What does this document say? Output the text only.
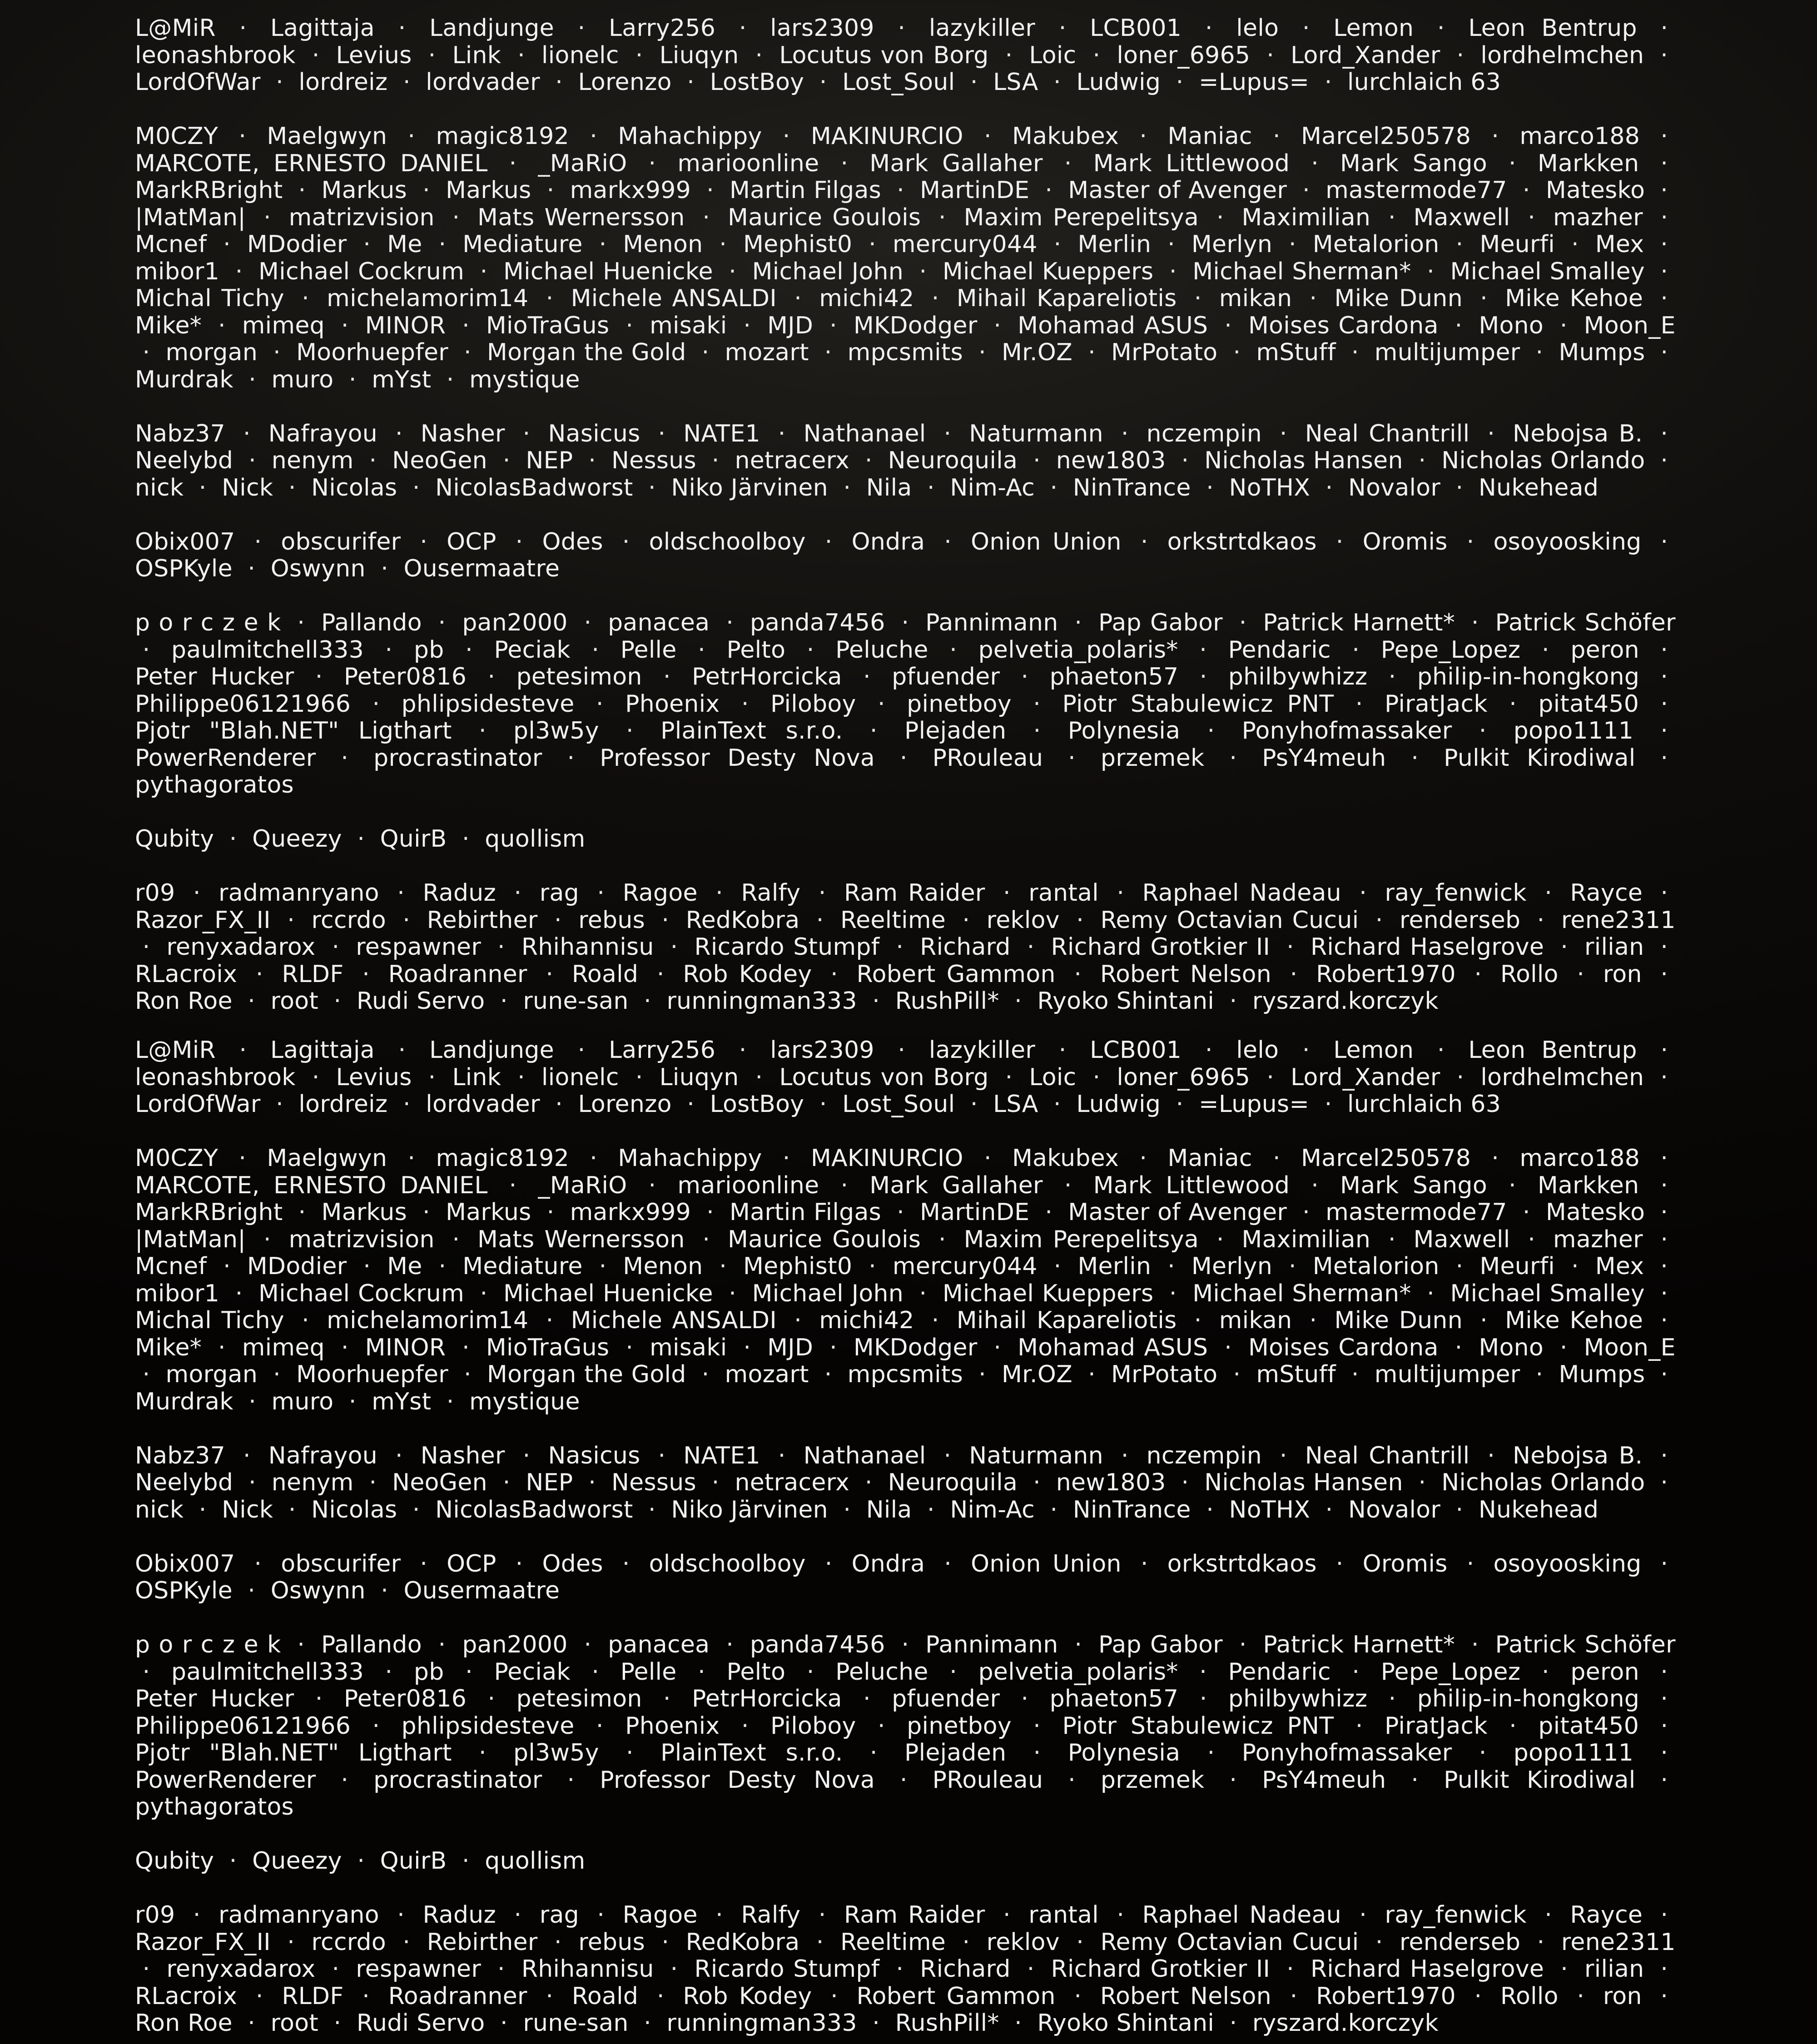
L@MiR · Lagittaja · Landjunge · Larry256 · lars2309 · lazykiller · LCB001 · lelo · Lemon · Leon Bentrup · leonashbrook · Levius · Link · lionelc · Liuqyn · Locutus von Borg · Loic · loner_6965 · Lord_Xander · lordhelmchen · LordOfWar · lordreiz · lordvader · Lorenzo · LostBoy · Lost_Soul · LSA · Ludwig · =Lupus= · lurchlaich 63

M0CZY · Maelgwyn · magic8192 · Mahachippy · MAKINURCIO · Makubex · Maniac · Marcel250578 · marco188 · MARCOTE, ERNESTO DANIEL · _MaRiO · marioonline · Mark Gallaher · Mark Littlewood · Mark Sango · Markken · MarkRBright · Markus · Markus · markx999 · Martin Filgas · MartinDE · Master of Avenger · mastermode77 · Matesko · |MatMan| · matrizvision · Mats Wernersson · Maurice Goulois · Maxim Perepelitsya · Maximilian · Maxwell · mazher · Mcnef · MDodier · Me · Mediature · Menon · Mephist0 · mercury044 · Merlin · Merlyn · Metalorion · Meurfi · Mex · mibor1 · Michael Cockrum · Michael Huenicke · Michael John · Michael Kueppers · Michael Sherman* · Michael Smalley · Michal Tichy · michelamorim14 · Michele ANSALDI · michi42 · Mihail Kapareliotis · mikan · Mike Dunn · Mike Kehoe · Mike* · mimeq · MINOR · MioTraGus · misaki · MJD · MKDodger · Mohamad ASUS · Moises Cardona · Mono · Moon_E · morgan · Moorhuepfer · Morgan the Gold · mozart · mpcsmits · Mr.OZ · MrPotato · mStuff · multijumper · Mumps · Murdrak · muro · mYst · mystique

Nabz37 · Nafrayou · Nasher · Nasicus · NATE1 · Nathanael · Naturmann · nczempin · Neal Chantrill · Nebojsa B. · Neelybd · nenym · NeoGen · NEP · Nessus · netracerx · Neuroquila · new1803 · Nicholas Hansen · Nicholas Orlando · nick · Nick · Nicolas · NicolasBadworst · Niko Järvinen · Nila · Nim-Ac · NinTrance · NoTHX · Novalor · Nukehead

Obix007 · obscurifer · OCP · Odes · oldschoolboy · Ondra · Onion Union · orkstrtdkaos · Oromis · osoyoosking · OSPKyle · Oswynn · Ousermaatre

p o r c z e k · Pallando · pan2000 · panacea · panda7456 · Pannimann · Pap Gabor · Patrick Harnett* · Patrick Schöfer · paulmitchell333 · pb · Peciak · Pelle · Pelto · Peluche · pelvetia_polaris* · Pendaric · Pepe_Lopez · peron · Peter Hucker · Peter0816 · petesimon · PetrHorcicka · pfuender · phaeton57 · philbywhizz · philip-in-hongkong · Philippe06121966 · phlipsidesteve · Phoenix · Piloboy · pinetboy · Piotr Stabulewicz PNT · PiratJack · pitat450 · Pjotr "Blah.NET" Ligthart · pl3w5y · PlainText s.r.o. · Plejaden · Polynesia · Ponyhofmassaker · popo1111 · PowerRenderer · procrastinator · Professor Desty Nova · PRouleau · przemek · PsY4meuh · Pulkit Kirodiwal · pythagoratos

Qubity · Queezy · QuirB · quollism

r09 · radmanryano · Raduz · rag · Ragoe · Ralfy · Ram Raider · rantal · Raphael Nadeau · ray_fenwick · Rayce · Razor_FX_II · rccrdo · Rebirther · rebus · RedKobra · Reeltime · reklov · Remy Octavian Cucui · renderseb · rene2311 · renyxadarox · respawner · Rhihannisu · Ricardo Stumpf · Richard · Richard Grotkier II · Richard Haselgrove · rilian · RLacroix · RLDF · Roadranner · Roald · Rob Kodey · Robert Gammon · Robert Nelson · Robert1970 · Rollo · ron · Ron Roe · root · Rudi Servo · rune-san · runningman333 · RushPill* · Ryoko Shintani · ryszard.korczyk

L@MiR · Lagittaja · Landjunge · Larry256 · lars2309 · lazykiller · LCB001 · lelo · Lemon · Leon Bentrup · leonashbrook · Levius · Link · lionelc · Liuqyn · Locutus von Borg · Loic · loner_6965 · Lord_Xander · lordhelmchen · LordOfWar · lordreiz · lordvader · Lorenzo · LostBoy · Lost_Soul · LSA · Ludwig · =Lupus= · lurchlaich 63

M0CZY · Maelgwyn · magic8192 · Mahachippy · MAKINURCIO · Makubex · Maniac · Marcel250578 · marco188 · MARCOTE, ERNESTO DANIEL · _MaRiO · marioonline · Mark Gallaher · Mark Littlewood · Mark Sango · Markken · MarkRBright · Markus · Markus · markx999 · Martin Filgas · MartinDE · Master of Avenger · mastermode77 · Matesko · |MatMan| · matrizvision · Mats Wernersson · Maurice Goulois · Maxim Perepelitsya · Maximilian · Maxwell · mazher · Mcnef · MDodier · Me · Mediature · Menon · Mephist0 · mercury044 · Merlin · Merlyn · Metalorion · Meurfi · Mex · mibor1 · Michael Cockrum · Michael Huenicke · Michael John · Michael Kueppers · Michael Sherman* · Michael Smalley · Michal Tichy · michelamorim14 · Michele ANSALDI · michi42 · Mihail Kapareliotis · mikan · Mike Dunn · Mike Kehoe · Mike* · mimeq · MINOR · MioTraGus · misaki · MJD · MKDodger · Mohamad ASUS · Moises Cardona · Mono · Moon_E · morgan · Moorhuepfer · Morgan the Gold · mozart · mpcsmits · Mr.OZ · MrPotato · mStuff · multijumper · Mumps · Murdrak · muro · mYst · mystique

Nabz37 · Nafrayou · Nasher · Nasicus · NATE1 · Nathanael · Naturmann · nczempin · Neal Chantrill · Nebojsa B. · Neelybd · nenym · NeoGen · NEP · Nessus · netracerx · Neuroquila · new1803 · Nicholas Hansen · Nicholas Orlando · nick · Nick · Nicolas · NicolasBadworst · Niko Järvinen · Nila · Nim-Ac · NinTrance · NoTHX · Novalor · Nukehead

Obix007 · obscurifer · OCP · Odes · oldschoolboy · Ondra · Onion Union · orkstrtdkaos · Oromis · osoyoosking · OSPKyle · Oswynn · Ousermaatre

p o r c z e k · Pallando · pan2000 · panacea · panda7456 · Pannimann · Pap Gabor · Patrick Harnett* · Patrick Schöfer · paulmitchell333 · pb · Peciak · Pelle · Pelto · Peluche · pelvetia_polaris* · Pendaric · Pepe_Lopez · peron · Peter Hucker · Peter0816 · petesimon · PetrHorcicka · pfuender · phaeton57 · philbywhizz · philip-in-hongkong · Philippe06121966 · phlipsidesteve · Phoenix · Piloboy · pinetboy · Piotr Stabulewicz PNT · PiratJack · pitat450 · Pjotr "Blah.NET" Ligthart · pl3w5y · PlainText s.r.o. · Plejaden · Polynesia · Ponyhofmassaker · popo1111 · PowerRenderer · procrastinator · Professor Desty Nova · PRouleau · przemek · PsY4meuh · Pulkit Kirodiwal · pythagoratos

Qubity · Queezy · QuirB · quollism

r09 · radmanryano · Raduz · rag · Ragoe · Ralfy · Ram Raider · rantal · Raphael Nadeau · ray_fenwick · Rayce · Razor_FX_II · rccrdo · Rebirther · rebus · RedKobra · Reeltime · reklov · Remy Octavian Cucui · renderseb · rene2311 · renyxadarox · respawner · Rhihannisu · Ricardo Stumpf · Richard · Richard Grotkier II · Richard Haselgrove · rilian · RLacroix · RLDF · Roadranner · Roald · Rob Kodey · Robert Gammon · Robert Nelson · Robert1970 · Rollo · ron · Ron Roe · root · Rudi Servo · rune-san · runningman333 · RushPill* · Ryoko Shintani · ryszard.korczyk
